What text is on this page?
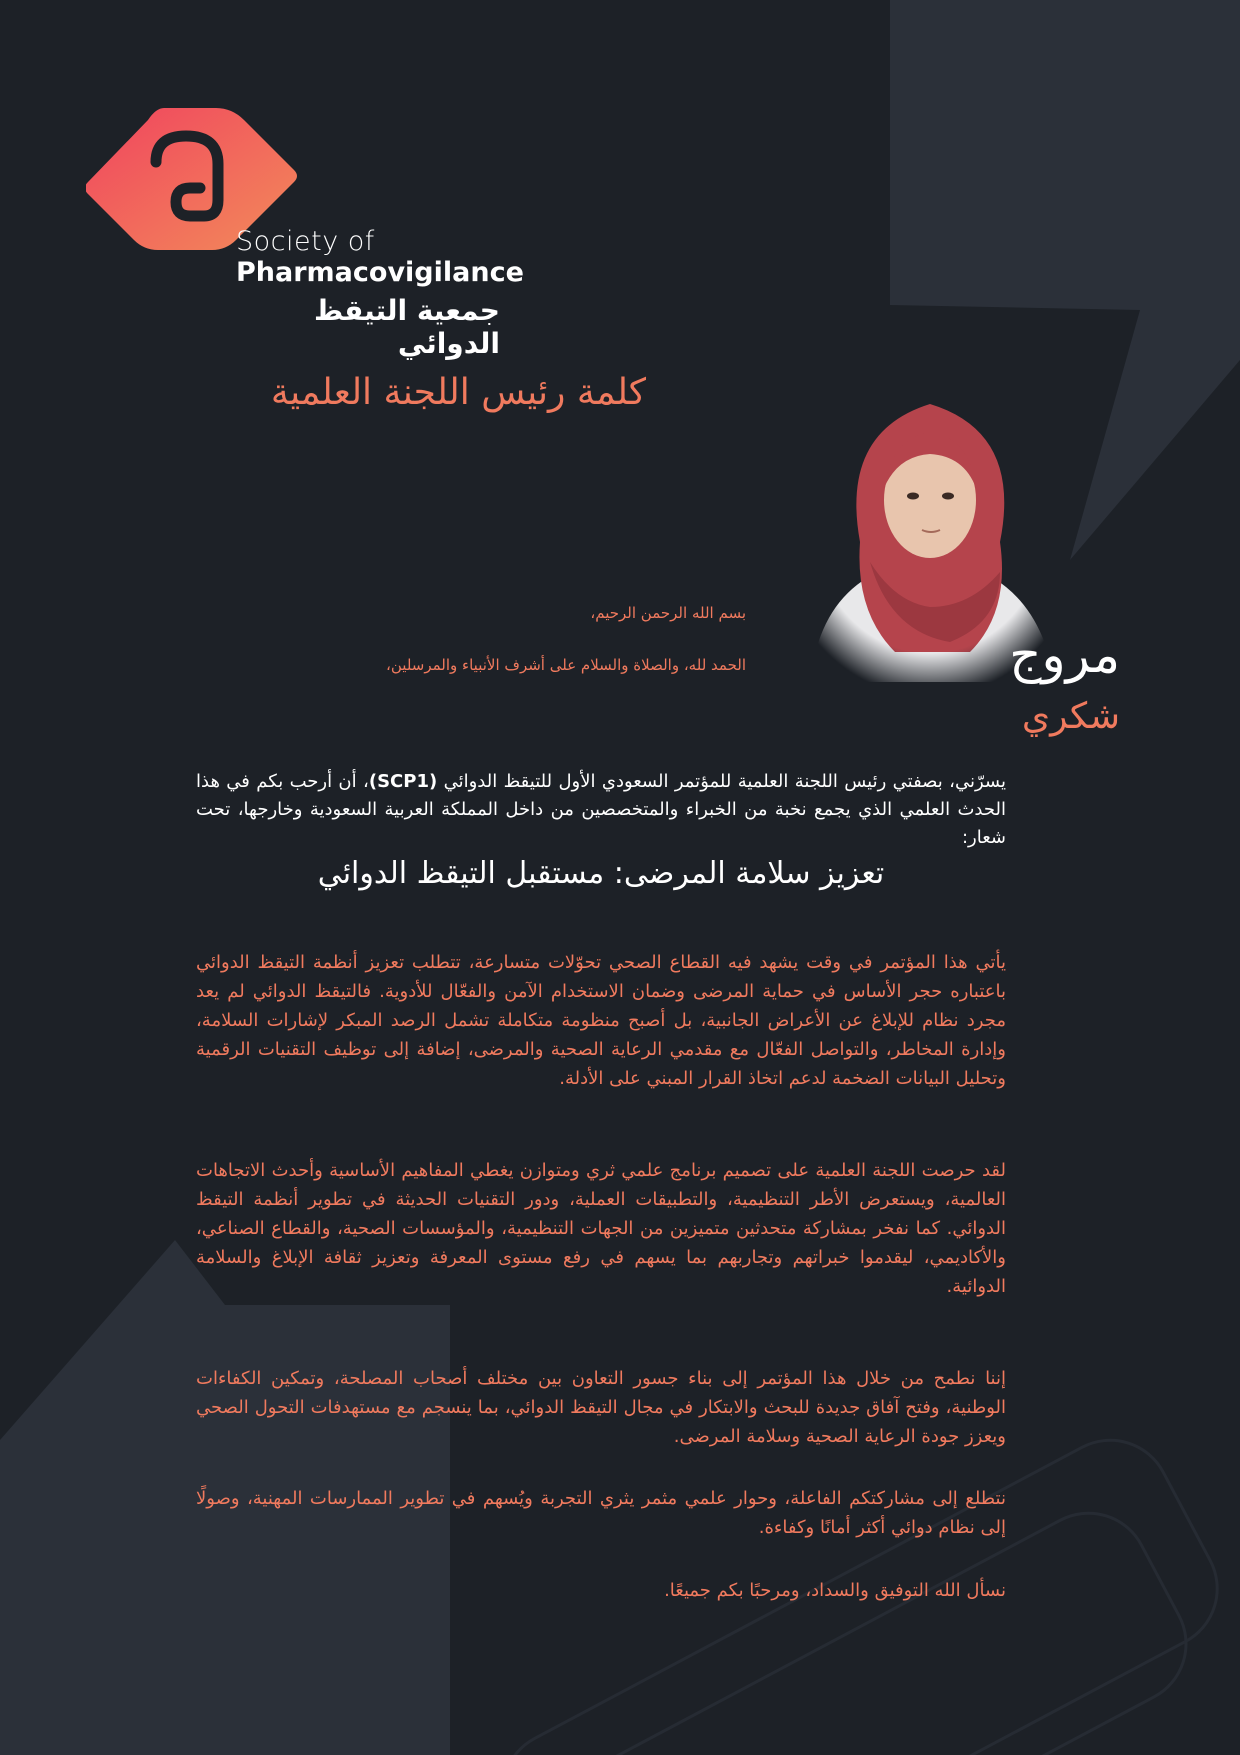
Society of
Pharmacovigilance
جمعية التيقظ الدوائي
كلمة رئيس اللجنة العلمية
مروج
شكري
بسم الله الرحمن الرحيم،
الحمد لله، والصلاة والسلام على أشرف الأنبياء والمرسلين،
يسرّني، بصفتي رئيس اللجنة العلمية للمؤتمر السعودي الأول للتيقظ الدوائي (SCP1)، أن أرحب بكم في هذا الحدث العلمي الذي يجمع نخبة من الخبراء والمتخصصين من داخل المملكة العربية السعودية وخارجها، تحت شعار:
تعزيز سلامة المرضى: مستقبل التيقظ الدوائي

يأتي هذا المؤتمر في وقت يشهد فيه القطاع الصحي تحوّلات متسارعة، تتطلب تعزيز أنظمة التيقظ الدوائي باعتباره حجر الأساس في حماية المرضى وضمان الاستخدام الآمن والفعّال للأدوية. فالتيقظ الدوائي لم يعد مجرد نظام للإبلاغ عن الأعراض الجانبية، بل أصبح منظومة متكاملة تشمل الرصد المبكر لإشارات السلامة، وإدارة المخاطر، والتواصل الفعّال مع مقدمي الرعاية الصحية والمرضى، إضافة إلى توظيف التقنيات الرقمية وتحليل البيانات الضخمة لدعم اتخاذ القرار المبني على الأدلة.

لقد حرصت اللجنة العلمية على تصميم برنامج علمي ثري ومتوازن يغطي المفاهيم الأساسية وأحدث الاتجاهات العالمية، ويستعرض الأطر التنظيمية، والتطبيقات العملية، ودور التقنيات الحديثة في تطوير أنظمة التيقظ الدوائي. كما نفخر بمشاركة متحدثين متميزين من الجهات التنظيمية، والمؤسسات الصحية، والقطاع الصناعي، والأكاديمي، ليقدموا خبراتهم وتجاربهم بما يسهم في رفع مستوى المعرفة وتعزيز ثقافة الإبلاغ والسلامة الدوائية.

إننا نطمح من خلال هذا المؤتمر إلى بناء جسور التعاون بين مختلف أصحاب المصلحة، وتمكين الكفاءات الوطنية، وفتح آفاق جديدة للبحث والابتكار في مجال التيقظ الدوائي، بما ينسجم مع مستهدفات التحول الصحي ويعزز جودة الرعاية الصحية وسلامة المرضى.

نتطلع إلى مشاركتكم الفاعلة، وحوار علمي مثمر يثري التجربة ويُسهم في تطوير الممارسات المهنية، وصولًا إلى نظام دوائي أكثر أمانًا وكفاءة.

نسأل الله التوفيق والسداد، ومرحبًا بكم جميعًا.
